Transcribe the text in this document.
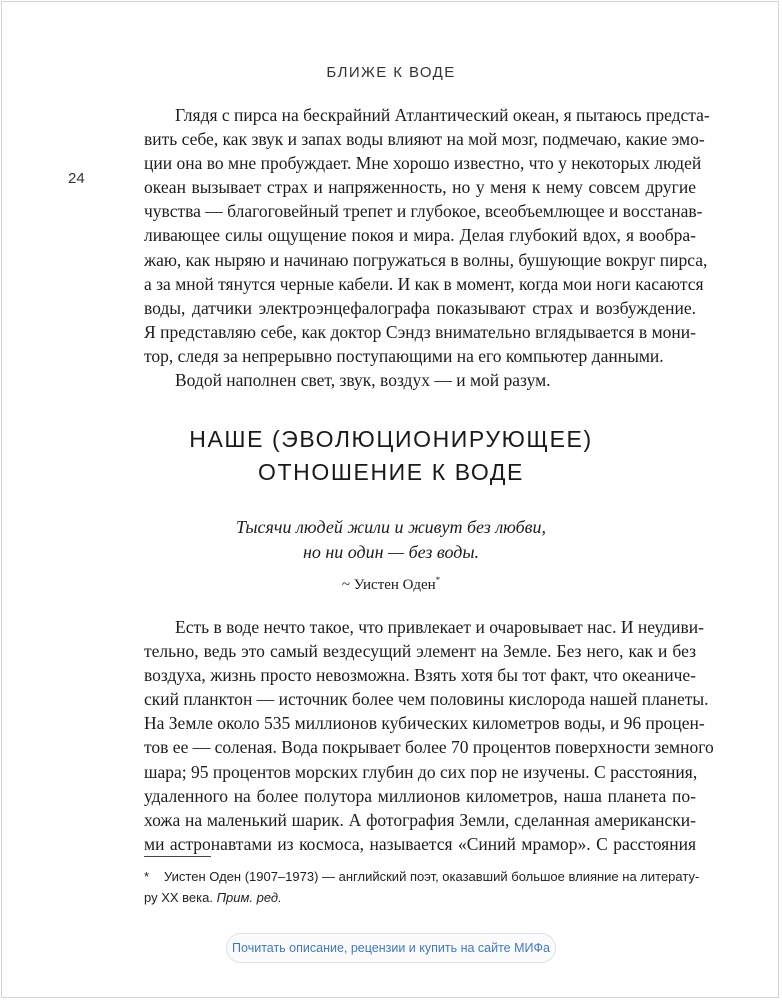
БЛИЖЕ К ВОДЕ
24
Глядя с пирса на бескрайний Атлантический океан, я пытаюсь предста-
вить себе, как звук и запах воды влияют на мой мозг, подмечаю, какие эмо-
ции она во мне пробуждает. Мне хорошо известно, что у некоторых людей
океан вызывает страх и напряженность, но у меня к нему совсем другие
чувства — благоговейный трепет и глубокое, всеобъемлющее и восстанав-
ливающее силы ощущение покоя и мира. Делая глубокий вдох, я вообра-
жаю, как ныряю и начинаю погружаться в волны, бушующие вокруг пирса,
а за мной тянутся черные кабели. И как в момент, когда мои ноги касаются
воды, датчики электроэнцефалографа показывают страх и возбуждение.
Я представляю себе, как доктор Сэндз внимательно вглядывается в мони-
тор, следя за непрерывно поступающими на его компьютер данными.
Водой наполнен свет, звук, воздух — и мой разум.
НАШЕ (ЭВОЛЮЦИОНИРУЮЩЕЕ)
ОТНОШЕНИЕ К ВОДЕ
Тысячи людей жили и живут без любви,
но ни один — без воды.
~ Уистен Оден*
Есть в воде нечто такое, что привлекает и очаровывает нас. И неудиви-
тельно, ведь это самый вездесущий элемент на Земле. Без него, как и без
воздуха, жизнь просто невозможна. Взять хотя бы тот факт, что океаниче-
ский планктон — источник более чем половины кислорода нашей планеты.
На Земле около 535 миллионов кубических километров воды, и 96 процен-
тов ее — соленая. Вода покрывает более 70 процентов поверхности земного
шара; 95 процентов морских глубин до сих пор не изучены. С расстояния,
удаленного на более полутора миллионов километров, наша планета по-
хожа на маленький шарик. А фотография Земли, сделанная американски-
ми астронавтами из космоса, называется «Синий мрамор». С расстояния
* Уистен Оден (1907–1973) — английский поэт, оказавший большое влияние на литерату-
ру XX века. Прим. ред.
Почитать описание, рецензии и купить на сайте МИФа
